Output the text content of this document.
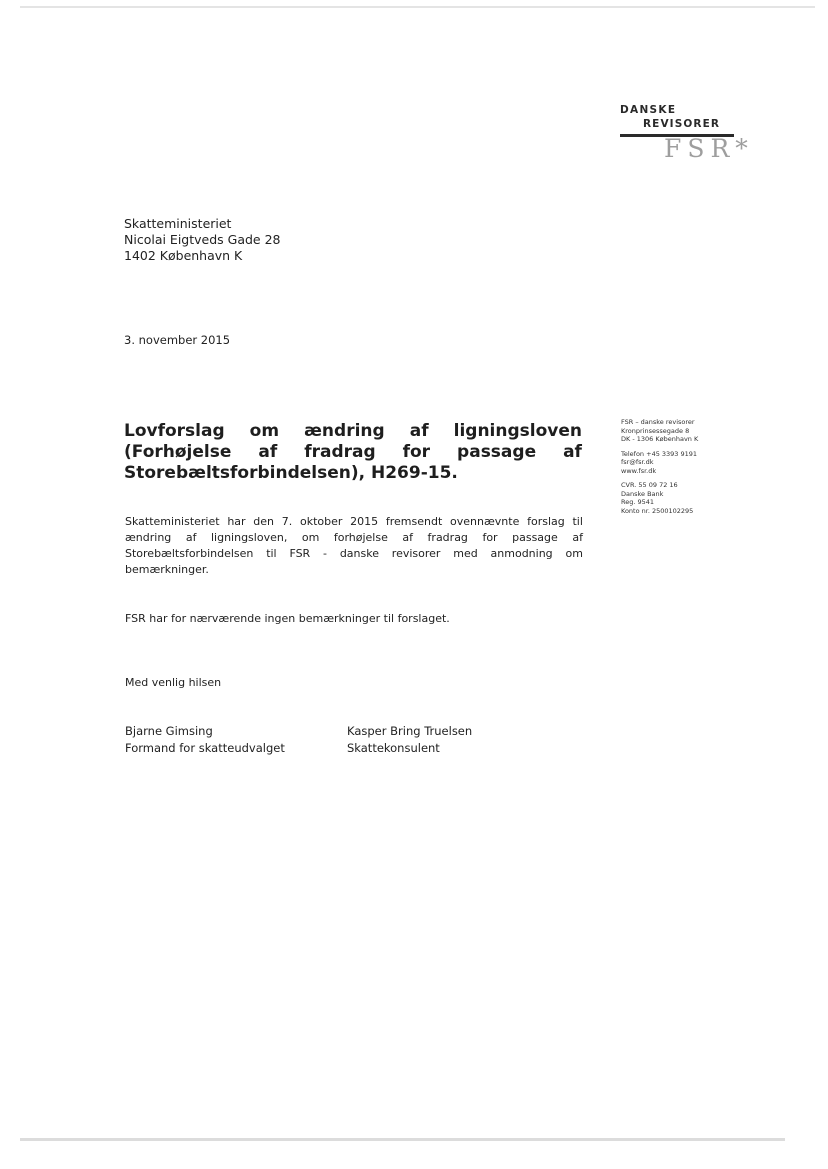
DANSKE
REVISORER
FSR*
Skatteministeriet
Nicolai Eigtveds Gade 28
1402 København K
3. november 2015
Lovforslag om ændring af ligningsloven
(Forhøjelse af fradrag for passage af
Storebæltsforbindelsen), H269-15.
Skatteministeriet har den 7. oktober 2015 fremsendt ovennævnte forslag til
ændring af ligningsloven, om forhøjelse af fradrag for passage af
Storebæltsforbindelsen til FSR - danske revisorer med anmodning om
bemærkninger.
FSR har for nærværende ingen bemærkninger til forslaget.
Med venlig hilsen
Bjarne Gimsing
Formand for skatteudvalget
Kasper Bring Truelsen
Skattekonsulent
FSR – danske revisorer
Kronprinsessegade 8
DK - 1306 København K
Telefon +45 3393 9191
fsr@fsr.dk
www.fsr.dk
CVR. 55 09 72 16
Danske Bank
Reg. 9541
Konto nr. 2500102295
